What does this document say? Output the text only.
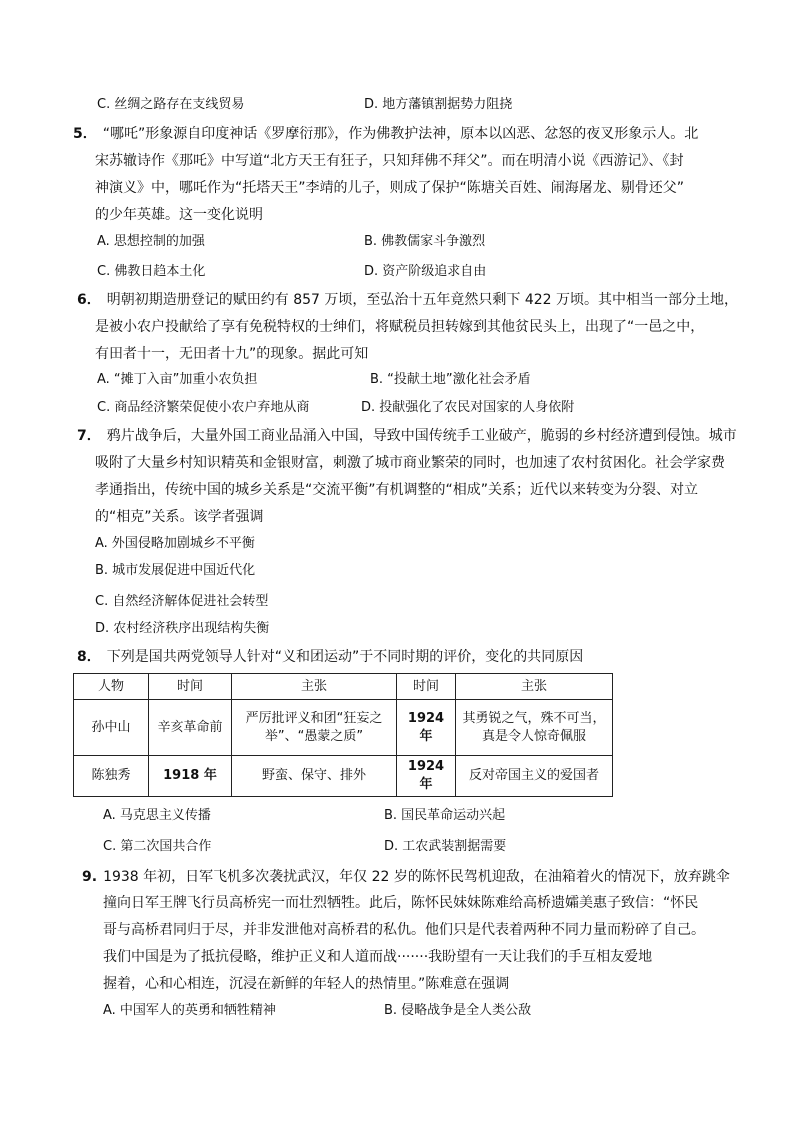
C. 丝绸之路存在支线贸易	D. 地方藩镇割据势力阻挠
5． “哪吒”形象源自印度神话《罗摩衍那》，作为佛教护法神，原本以凶恶、忿怒的夜叉形象示人。北
宋苏辙诗作《那吒》中写道“北方天王有狂子，只知拜佛不拜父”。而在明清小说《西游记》、《封
神演义》中，哪吒作为“托塔天王”李靖的儿子，则成了保护“陈塘关百姓、闹海屠龙、剔骨还父”
的少年英雄。这一变化说明
A. 思想控制的加强	B. 佛教儒家斗争激烈
C. 佛教日趋本土化	D. 资产阶级追求自由
6． 明朝初期造册登记的赋田约有 857 万顷，至弘治十五年竟然只剩下 422 万顷。其中相当一部分土地，
是被小农户投献给了享有免税特权的士绅们，将赋税员担转嫁到其他贫民头上，出现了“一邑之中，
有田者十一，无田者十九”的现象。据此可知
A. “摊丁入亩”加重小农负担	B. “投献土地”激化社会矛盾
C. 商品经济繁荣促使小农户弃地从商	D. 投献强化了农民对国家的人身依附
7． 鸦片战争后，大量外国工商业品涌入中国，导致中国传统手工业破产，脆弱的乡村经济遭到侵蚀。城市
吸附了大量乡村知识精英和金银财富，刺激了城市商业繁荣的同时，也加速了农村贫困化。社会学家费
孝通指出，传统中国的城乡关系是“交流平衡”有机调整的“相成”关系；近代以来转变为分裂、对立
的“相克”关系。该学者强调
A. 外国侵略加剧城乡不平衡
B. 城市发展促进中国近代化
C. 自然经济解体促进社会转型
D. 农村经济秩序出现结构失衡
8． 下列是国共两党领导人针对“义和团运动”于不同时期的评价，变化的共同原因
人物	时间	主张	时间	主张
孙中山	辛亥革命前	严厉批评义和团“狂妄之举”、“愚蒙之质”	1924 年	其勇锐之气，殊不可当，真是令人惊奇佩服
陈独秀	1918 年	野蛮、保守、排外	1924 年	反对帝国主义的爱国者
A. 马克思主义传播	B. 国民革命运动兴起
C. 第二次国共合作	D. 工农武装割据需要
9. 1938 年初，日军飞机多次袭扰武汉，年仅 22 岁的陈怀民驾机迎敌，在油箱着火的情况下，放弃跳伞
撞向日军王牌飞行员高桥宪一而壮烈牺牲。此后，陈怀民妹妹陈难给高桥遗孀美惠子致信：“怀民
哥与高桥君同归于尽，并非发泄他对高桥君的私仇。他们只是代表着两种不同力量而粉碎了自己。
我们中国是为了抵抗侵略，维护正义和人道而战·······我盼望有一天让我们的手互相友爱地
握着，心和心相连，沉浸在新鲜的年轻人的热情里。”陈难意在强调
A. 中国军人的英勇和牺牲精神	B. 侵略战争是全人类公敌
